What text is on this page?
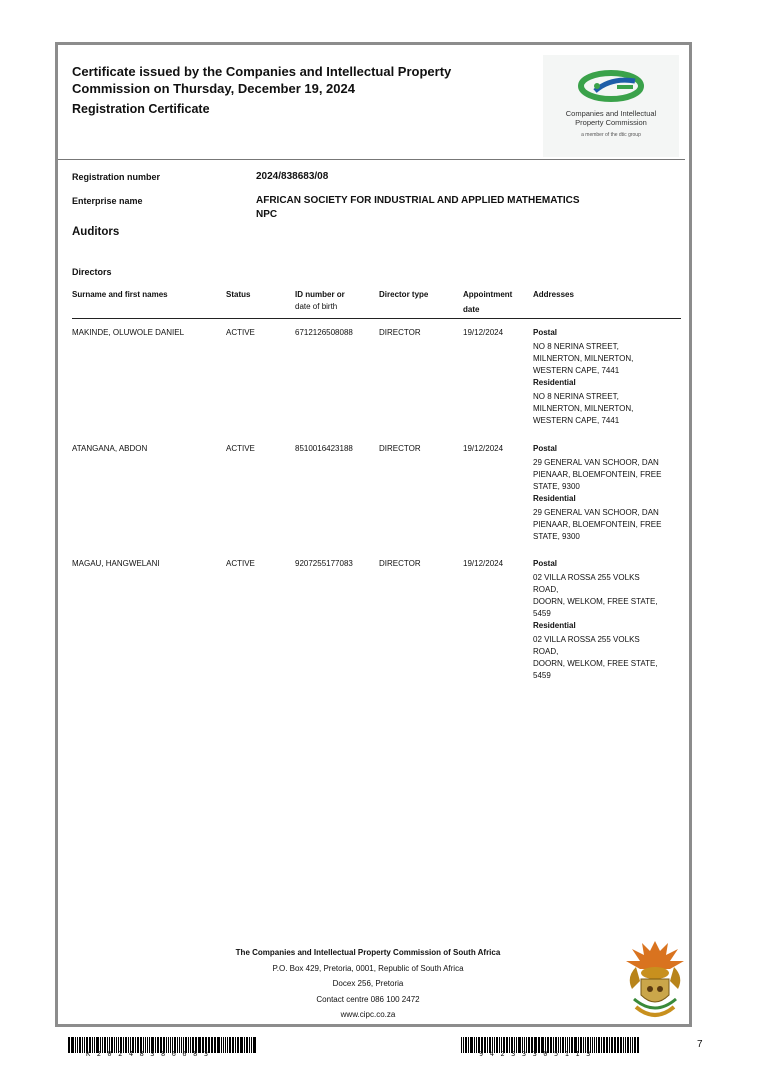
Certificate issued by the Companies and Intellectual Property Commission on Thursday, December 19, 2024
Registration Certificate	Companies and Intellectual
Property Commission
a member of the dtic group
Registration number	2024/838683/08
Enterprise name	AFRICAN SOCIETY FOR INDUSTRIAL AND APPLIED MATHEMATICS
NPC
Auditors
Directors
Surname and first names	Status	ID number or
date of birth
Director type	Appointment
date
Addresses
MAKINDE, OLUWOLE DANIEL	ACTIVE	6712126508088	DIRECTOR	19/12/2024	Postal
NO 8 NERINA STREET,
MILNERTON, MILNERTON,
WESTERN CAPE, 7441
Residential
NO 8 NERINA STREET,
MILNERTON, MILNERTON,
WESTERN CAPE, 7441
ATANGANA, ABDON	ACTIVE	8510016423188	DIRECTOR	19/12/2024	Postal
29 GENERAL VAN SCHOOR, DAN
PIENAAR, BLOEMFONTEIN, FREE
STATE, 9300
Residential
29 GENERAL VAN SCHOOR, DAN
PIENAAR, BLOEMFONTEIN, FREE
STATE, 9300
MAGAU, HANGWELANI	ACTIVE	9207255177083	DIRECTOR	19/12/2024	Postal
02 VILLA ROSSA 255 VOLKS ROAD,
DOORN, WELKOM, FREE STATE,
5459
Residential
02 VILLA ROSSA 255 VOLKS ROAD,
DOORN, WELKOM, FREE STATE,
5459
The Companies and Intellectual Property Commission of South Africa
P.O. Box 429, Pretoria, 0001, Republic of South Africa
Docex 256, Pretoria
Contact centre 086 100 2472
www.cipc.co.za
K20248386683	94233305113
7
